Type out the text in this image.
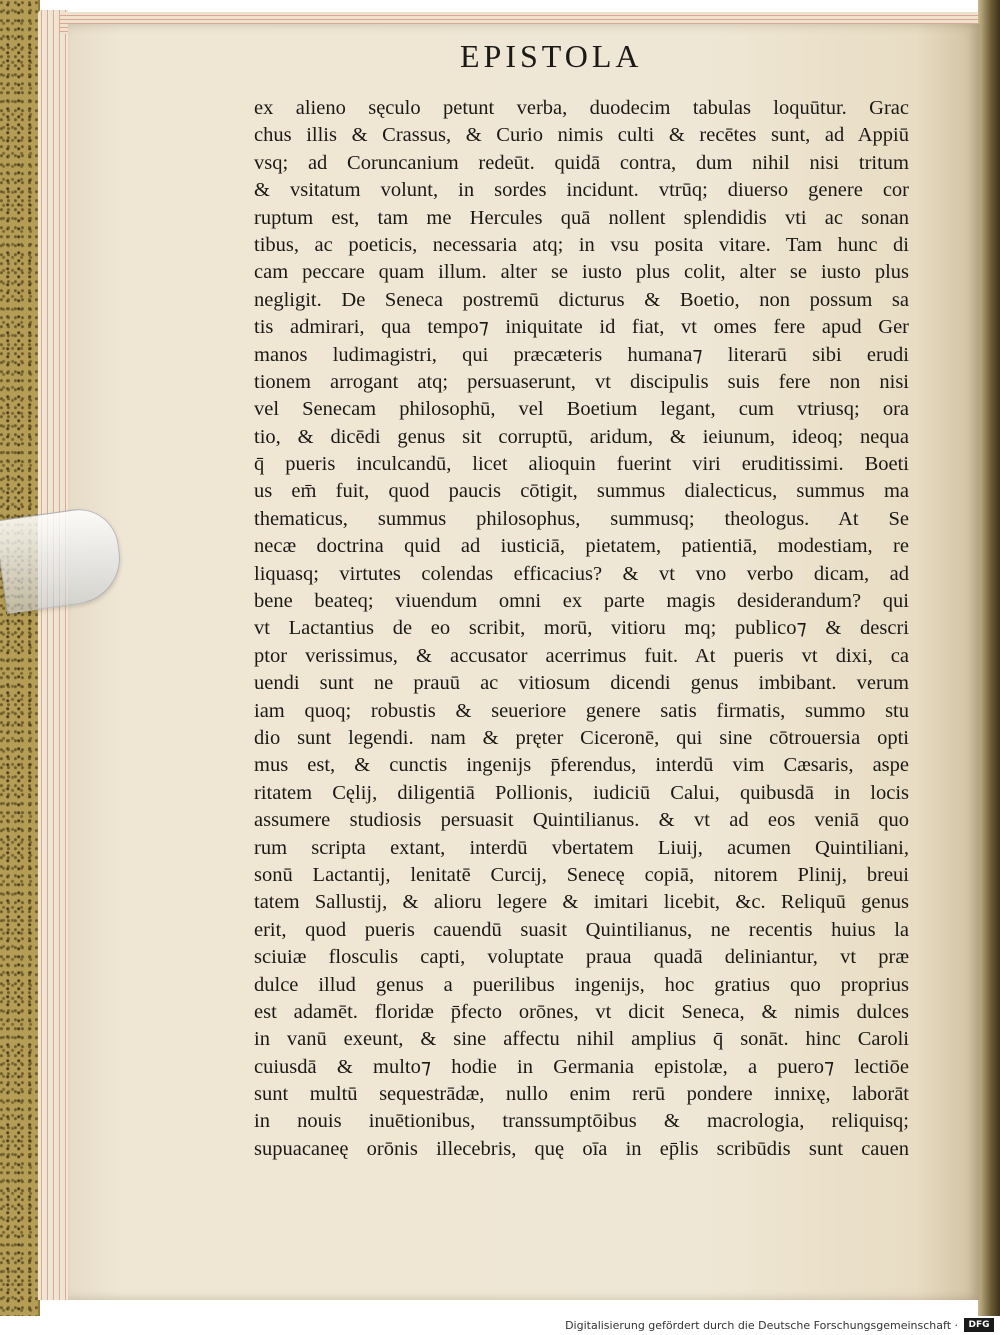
EPISTOLA
ex alieno sęculo petunt verba, duodecim tabulas loquūtur. Grac
chus illis & Crassus, & Curio nimis culti & recētes sunt, ad Appiū
vsq; ad Coruncanium redeūt. quidā contra, dum nihil nisi tritum
& vsitatum volunt, in sordes incidunt. vtrūq; diuerso genere cor
ruptum est, tam me Hercules quā nollent splendidis vti ac sonan
tibus, ac poeticis, necessaria atq; in vsu posita vitare. Tam hunc di
cam peccare quam illum. alter se iusto plus colit, alter se iusto plus
negligit. De Seneca postremū dicturus & Boetio, non possum sa
tis admirari, qua tempo⁊ iniquitate id fiat, vt omes fere apud Ger
manos ludimagistri, qui præcæteris humana⁊ literarū sibi erudi
tionem arrogant atq; persuaserunt, vt discipulis suis fere non nisi
vel Senecam philosophū, vel Boetium legant, cum vtriusq; ora
tio, & dicēdi genus sit corruptū, aridum, & ieiunum, ideoq; nequa
q̄ pueris inculcandū, licet alioquin fuerint viri eruditissimi. Boeti
us em̄ fuit, quod paucis cōtigit, summus dialecticus, summus ma
thematicus, summus philosophus, summusq; theologus. At Se
necæ doctrina quid ad iusticiā, pietatem, patientiā, modestiam, re
liquasq; virtutes colendas efficacius? & vt vno verbo dicam, ad
bene beateq; viuendum omni ex parte magis desiderandum? qui
vt Lactantius de eo scribit, morū, vitioru mq; publico⁊ & descri
ptor verissimus, & accusator acerrimus fuit. At pueris vt dixi, ca
uendi sunt ne prauū ac vitiosum dicendi genus imbibant. verum
iam quoq; robustis & seueriore genere satis firmatis, summo stu
dio sunt legendi. nam & pręter Ciceronē, qui sine cōtrouersia opti
mus est, & cunctis ingenijs p̄ferendus, interdū vim Cæsaris, aspe
ritatem Cęlij, diligentiā Pollionis, iudiciū Calui, quibusdā in locis
assumere studiosis persuasit Quintilianus. & vt ad eos veniā quo
rum scripta extant, interdū vbertatem Liuij, acumen Quintiliani,
sonū Lactantij, lenitatē Curcij, Senecę copiā, nitorem Plinij, breui
tatem Sallustij, & alioru legere & imitari licebit, &c. Reliquū genus
erit, quod pueris cauendū suasit Quintilianus, ne recentis huius la
sciuiæ flosculis capti, voluptate praua quadā deliniantur, vt præ
dulce illud genus a puerilibus ingenijs, hoc gratius quo proprius
est adamēt. floridæ p̄fecto orōnes, vt dicit Seneca, & nimis dulces
in vanū exeunt, & sine affectu nihil amplius q̄ sonāt. hinc Caroli
cuiusdā & multo⁊ hodie in Germania epistolæ, a puero⁊ lectiōe
sunt multū sequestrādæ, nullo enim rerū pondere innixę, laborāt
in nouis inuētionibus, transsumptōibus & macrologia, reliquisq;
supuacaneę orōnis illecebris, quę oīa in ep̄lis scribūdis sunt cauen
Digitalisierung gefördert durch die Deutsche Forschungsgemeinschaft ·	DFG
